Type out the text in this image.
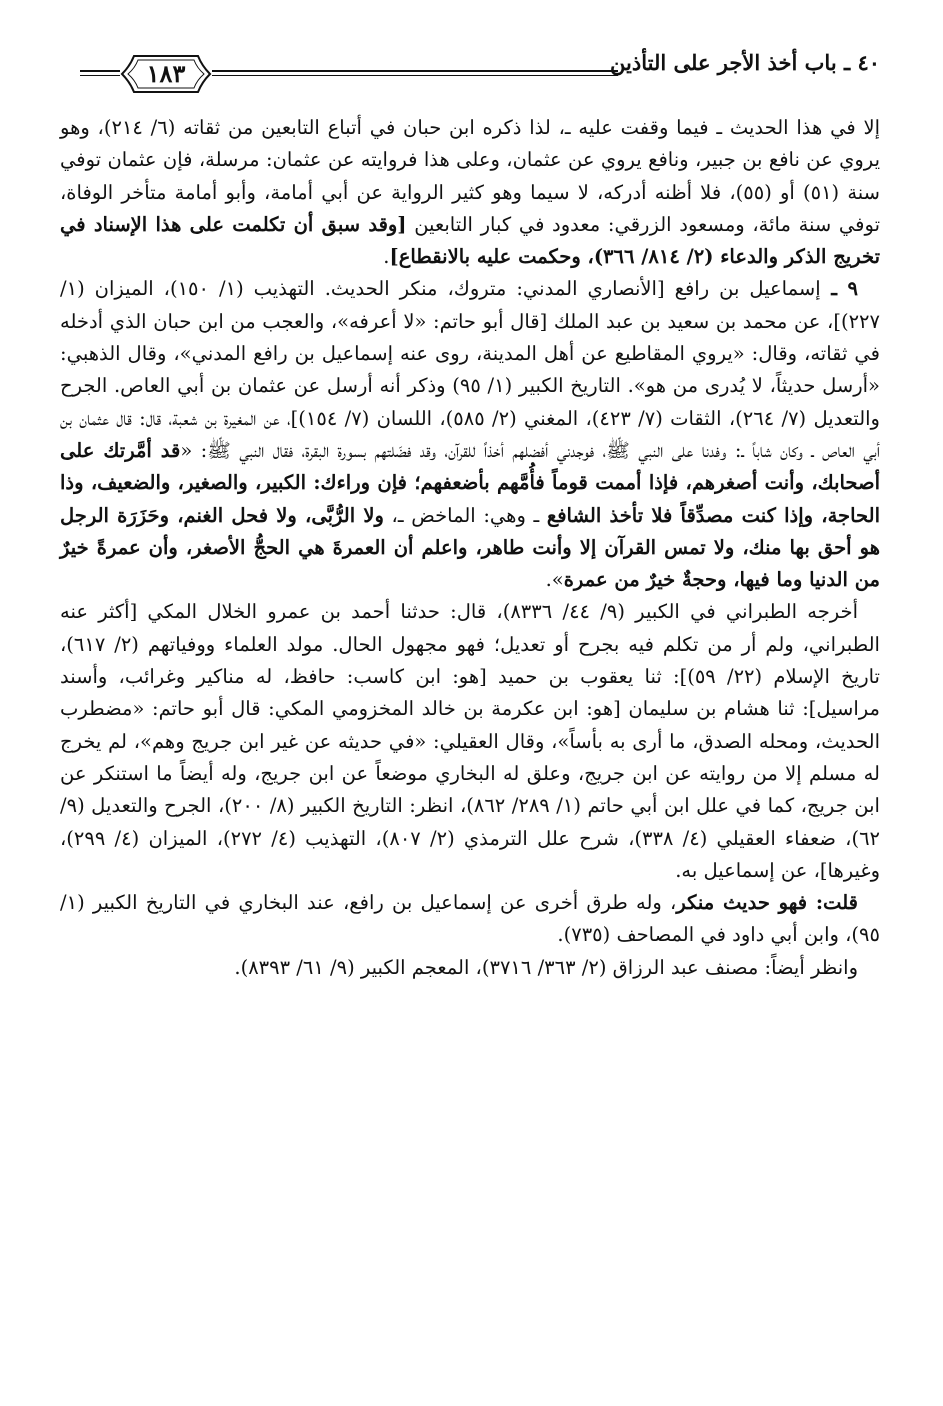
٤٠ ـ باب أخذ الأجر على التأذين
١٨٣

إلا في هذا الحديث ـ فيما وقفت عليه ـ، لذا ذكره ابن حبان في أتباع التابعين من ثقاته (٦/ ٢١٤)، وهو يروي عن نافع بن جبير، ونافع يروي عن عثمان، وعلى هذا فروايته عن عثمان: مرسلة، فإن عثمان توفي سنة (٥١) أو (٥٥)، فلا أظنه أدركه، لا سيما وهو كثير الرواية عن أبي أمامة، وأبو أمامة متأخر الوفاة، توفي سنة مائة، ومسعود الزرقي: معدود في كبار التابعين [وقد سبق أن تكلمت على هذا الإسناد في تخريج الذكر والدعاء (٢/ ٨١٤/ ٣٦٦)، وحكمت عليه بالانقطاع].

٩ ـ إسماعيل بن رافع [الأنصاري المدني: متروك، منكر الحديث. التهذيب (١/ ١٥٠)، الميزان (١/ ٢٢٧)]، عن محمد بن سعيد بن عبد الملك [قال أبو حاتم: «لا أعرفه»، والعجب من ابن حبان الذي أدخله في ثقاته، وقال: «يروي المقاطيع عن أهل المدينة، روى عنه إسماعيل بن رافع المدني»، وقال الذهبي: «أرسل حديثاً، لا يُدرى من هو». التاريخ الكبير (١/ ٩٥) وذكر أنه أرسل عن عثمان بن أبي العاص. الجرح والتعديل (٧/ ٢٦٤)، الثقات (٧/ ٤٢٣)، المغني (٢/ ٥٨٥)، اللسان (٧/ ١٥٤)]، عن المغيرة بن شعبة، قال: قال عثمان بن أبي العاص ـ وكان شاباً ـ: وفدنا على النبي ﷺ، فوجدني أفضلهم أخذاً للقرآن، وقد فضَلتهم بسورة البقرة، فقال النبي ﷺ: «قد أمَّرتك على أصحابك، وأنت أصغرهم، فإذا أممت قوماً فأُمَّهم بأضعفهم؛ فإن وراءك: الكبير، والصغير، والضعيف، وذا الحاجة، وإذا كنت مصدِّقاً فلا تأخذ الشافع ـ وهي: الماخض ـ، ولا الرُّبَّى، ولا فحل الغنم، وحَزَرَة الرجل هو أحق بها منك، ولا تمس القرآن إلا وأنت طاهر، واعلم أن العمرةَ هي الحجُّ الأصغر، وأن عمرةً خيرٌ من الدنيا وما فيها، وحجةٌ خيرٌ من عمرة».

أخرجه الطبراني في الكبير (٩/ ٤٤/ ٨٣٣٦)، قال: حدثنا أحمد بن عمرو الخلال المكي [أكثر عنه الطبراني، ولم أر من تكلم فيه بجرح أو تعديل؛ فهو مجهول الحال. مولد العلماء ووفياتهم (٢/ ٦١٧)، تاريخ الإسلام (٢٢/ ٥٩)]: ثنا يعقوب بن حميد [هو: ابن كاسب: حافظ، له مناكير وغرائب، وأسند مراسيل]: ثنا هشام بن سليمان [هو: ابن عكرمة بن خالد المخزومي المكي: قال أبو حاتم: «مضطرب الحديث، ومحله الصدق، ما أرى به بأساً»، وقال العقيلي: «في حديثه عن غير ابن جريج وهم»، لم يخرج له مسلم إلا من روايته عن ابن جريج، وعلق له البخاري موضعاً عن ابن جريج، وله أيضاً ما استنكر عن ابن جريج، كما في علل ابن أبي حاتم (١/ ٢٨٩/ ٨٦٢)، انظر: التاريخ الكبير (٨/ ٢٠٠)، الجرح والتعديل (٩/ ٦٢)، ضعفاء العقيلي (٤/ ٣٣٨)، شرح علل الترمذي (٢/ ٨٠٧)، التهذيب (٤/ ٢٧٢)، الميزان (٤/ ٢٩٩)، وغيرها]، عن إسماعيل به.

قلت: فهو حديث منكر، وله طرق أخرى عن إسماعيل بن رافع، عند البخاري في التاريخ الكبير (١/ ٩٥)، وابن أبي داود في المصاحف (٧٣٥).

وانظر أيضاً: مصنف عبد الرزاق (٢/ ٣٦٣/ ٣٧١٦)، المعجم الكبير (٩/ ٦١/ ٨٣٩٣).
